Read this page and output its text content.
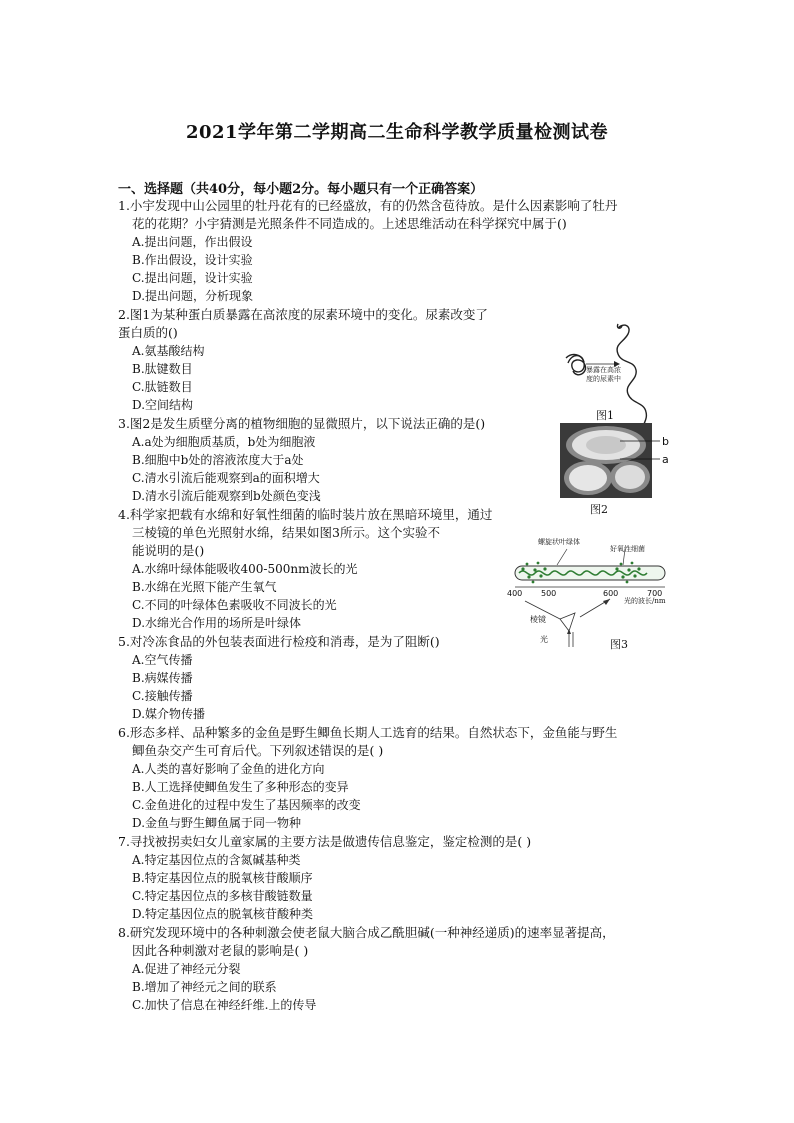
2021学年第二学期高二生命科学教学质量检测试卷
一、选择题（共40分，每小题2分。每小题只有一个正确答案）
1.小宇发现中山公园里的牡丹花有的已经盛放，有的仍然含苞待放。是什么因素影响了牡丹
花的花期？小宇猜测是光照条件不同造成的。上述思维活动在科学探究中属于()
A.提出问题，作出假设
B.作出假设，设计实验
C.提出问题，设计实验
D.提出问题，分析现象
2.图1为某种蛋白质暴露在高浓度的尿素环境中的变化。尿素改变了
蛋白质的()
A.氨基酸结构
B.肽键数目
C.肽链数目
D.空间结构
3.图2是发生质壁分离的植物细胞的显微照片，以下说法正确的是()
A.a处为细胞质基质，b处为细胞液
B.细胞中b处的溶液浓度大于a处
C.清水引流后能观察到a的面积增大
D.清水引流后能观察到b处颜色变浅
4.科学家把载有水绵和好氧性细菌的临时装片放在黑暗环境里，通过
三棱镜的单色光照射水绵，结果如图3所示。这个实验不
能说明的是()
A.水绵叶绿体能吸收400-500nm波长的光
B.水绵在光照下能产生氧气
C.不同的叶绿体色素吸收不同波长的光
D.水绵光合作用的场所是叶绿体
5.对冷冻食品的外包装表面进行检疫和消毒，是为了阻断()
A.空气传播
B.病媒传播
C.接触传播
D.媒介物传播
6.形态多样、品种繁多的金鱼是野生鲫鱼长期人工选育的结果。自然状态下，金鱼能与野生
鲫鱼杂交产生可育后代。下列叙述错误的是( )
A.人类的喜好影响了金鱼的进化方向
B.人工选择使鲫鱼发生了多种形态的变异
C.金鱼进化的过程中发生了基因频率的改变
D.金鱼与野生鲫鱼属于同一物种
7.寻找被拐卖妇女儿童家属的主要方法是做遗传信息鉴定，鉴定检测的是( )
A.特定基因位点的含氮碱基种类
B.特定基因位点的脱氧核苷酸顺序
C.特定基因位点的多核苷酸链数量
D.特定基因位点的脱氧核苷酸种类
8.研究发现环境中的各种刺激会使老鼠大脑合成乙酰胆碱(一种神经递质)的速率显著提高，
因此各种刺激对老鼠的影响是( )
A.促进了神经元分裂
B.增加了神经元之间的联系
C.加快了信息在神经纤维.上的传导
暴露在高浓
度的尿素中
图1
b
a
图2
400 500	600	700
螺旋状叶绿体
好氧性细菌
光的波长/nm
棱镜
光	图3
